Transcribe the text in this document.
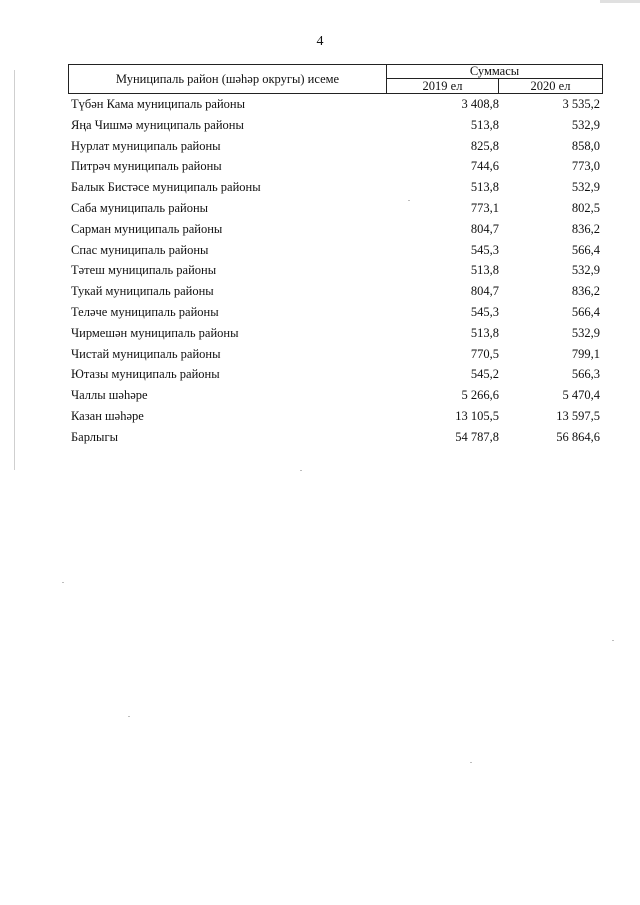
4
Муниципаль район (шәһәр округы) исеме
Суммасы
2019 ел	2020 ел
Түбән Кама муниципаль районы	3 408,8	3 535,2
Яңа Чишмә муниципаль районы	513,8	532,9
Нурлат муниципаль районы	825,8	858,0
Питрәч муниципаль районы	744,6	773,0
Балык Бистәсе муниципаль районы	513,8	532,9
Саба муниципаль районы	773,1	802,5
Сарман муниципаль районы	804,7	836,2
Спас муниципаль районы	545,3	566,4
Тәтеш муниципаль районы	513,8	532,9
Тукай муниципаль районы	804,7	836,2
Теләче муниципаль районы	545,3	566,4
Чирмешән муниципаль районы	513,8	532,9
Чистай муниципаль районы	770,5	799,1
Ютазы муниципаль районы	545,2	566,3
Чаллы шәһәре	5 266,6	5 470,4
Казан шәһәре	13 105,5	13 597,5
Барлыгы	54 787,8	56 864,6
